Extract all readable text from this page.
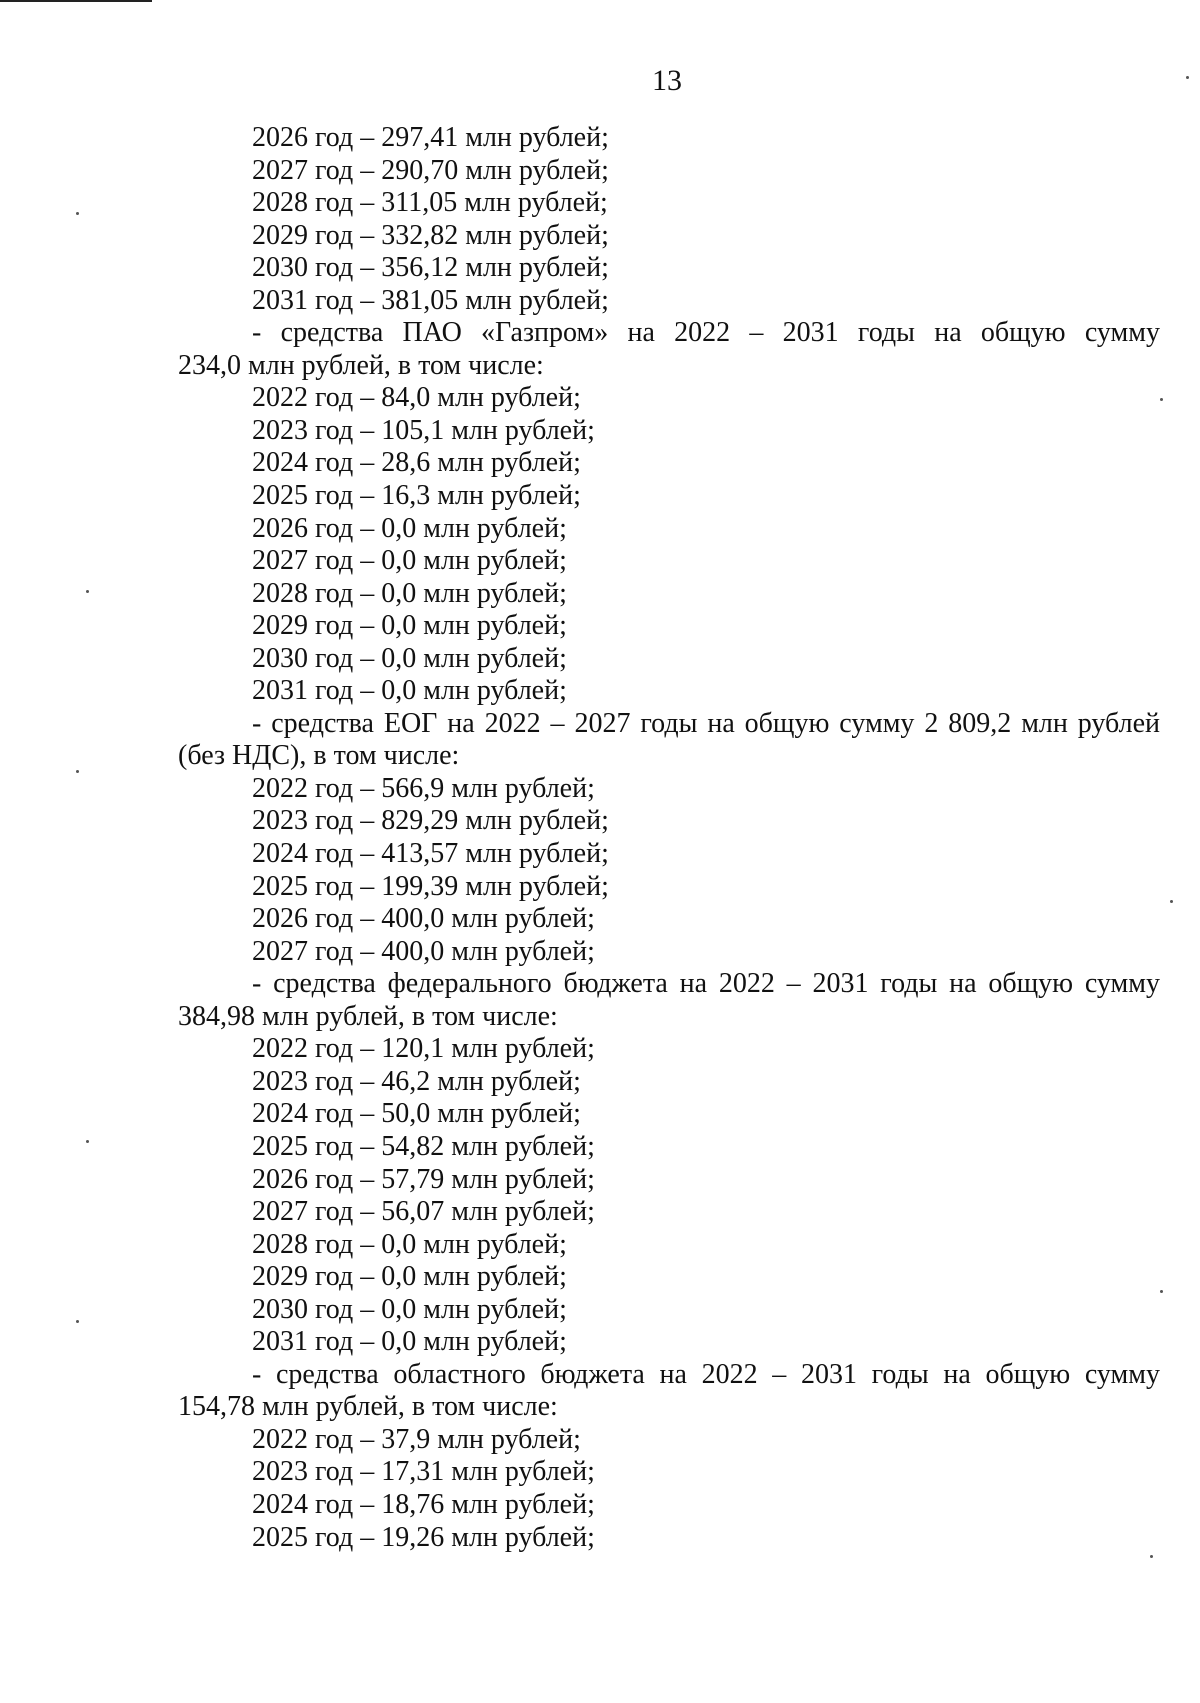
13
2026 год – 297,41 млн рублей;
2027 год – 290,70 млн рублей;
2028 год – 311,05 млн рублей;
2029 год – 332,82 млн рублей;
2030 год – 356,12 млн рублей;
2031 год – 381,05 млн рублей;
- средства ПАО «Газпром» на 2022 – 2031 годы на общую сумму
234,0 млн рублей, в том числе:
2022 год – 84,0 млн рублей;
2023 год – 105,1 млн рублей;
2024 год – 28,6 млн рублей;
2025 год – 16,3 млн рублей;
2026 год – 0,0 млн рублей;
2027 год – 0,0 млн рублей;
2028 год – 0,0 млн рублей;
2029 год – 0,0 млн рублей;
2030 год – 0,0 млн рублей;
2031 год – 0,0 млн рублей;
- средства ЕОГ на 2022 – 2027 годы на общую сумму 2 809,2 млн рублей
(без НДС), в том числе:
2022 год – 566,9 млн рублей;
2023 год – 829,29 млн рублей;
2024 год – 413,57 млн рублей;
2025 год – 199,39 млн рублей;
2026 год – 400,0 млн рублей;
2027 год – 400,0 млн рублей;
- средства федерального бюджета на 2022 – 2031 годы на общую сумму
384,98 млн рублей, в том числе:
2022 год – 120,1 млн рублей;
2023 год – 46,2 млн рублей;
2024 год – 50,0 млн рублей;
2025 год – 54,82 млн рублей;
2026 год – 57,79 млн рублей;
2027 год – 56,07 млн рублей;
2028 год – 0,0 млн рублей;
2029 год – 0,0 млн рублей;
2030 год – 0,0 млн рублей;
2031 год – 0,0 млн рублей;
- средства областного бюджета на 2022 – 2031 годы на общую сумму
154,78 млн рублей, в том числе:
2022 год – 37,9 млн рублей;
2023 год – 17,31 млн рублей;
2024 год – 18,76 млн рублей;
2025 год – 19,26 млн рублей;
